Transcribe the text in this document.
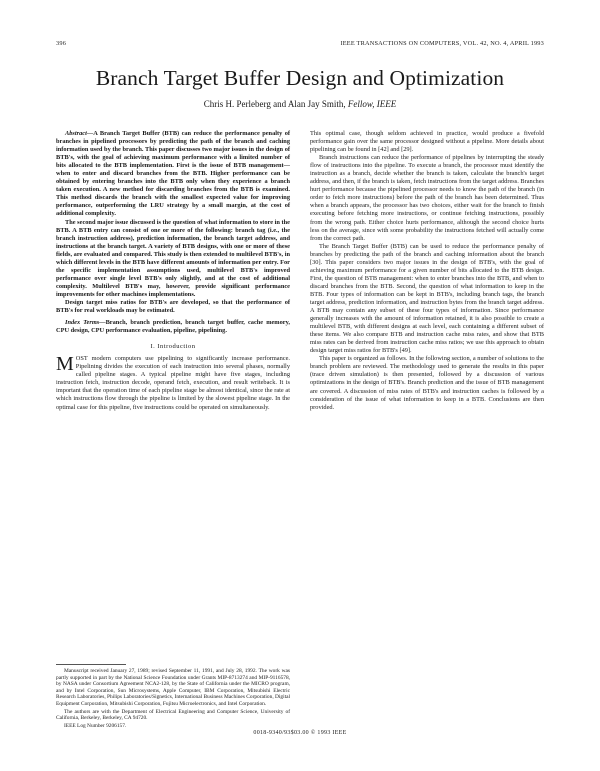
396	IEEE TRANSACTIONS ON COMPUTERS, VOL. 42, NO. 4, APRIL 1993
Branch Target Buffer Design and Optimization
Chris H. Perleberg and Alan Jay Smith, Fellow, IEEE

Abstract—A Branch Target Buffer (BTB) can reduce the performance penalty of branches in pipelined processors by predicting the path of the branch and caching information used by the branch. This paper discusses two major issues in the design of BTB's, with the goal of achieving maximum performance with a limited number of bits allocated to the BTB implementation. First is the issue of BTB management—when to enter and discard branches from the BTB. Higher performance can be obtained by entering branches into the BTB only when they experience a branch taken execution. A new method for discarding branches from the BTB is examined. This method discards the branch with the smallest expected value for improving performance, outperforming the LRU strategy by a small margin, at the cost of additional complexity.

The second major issue discussed is the question of what information to store in the BTB. A BTB entry can consist of one or more of the following: branch tag (i.e., the branch instruction address), prediction information, the branch target address, and instructions at the branch target. A variety of BTB designs, with one or more of these fields, are evaluated and compared. This study is then extended to multilevel BTB's, in which different levels in the BTB have different amounts of information per entry. For the specific implementation assumptions used, multilevel BTB's improved performance over single level BTB's only slightly, and at the cost of additional complexity. Multilevel BTB's may, however, provide significant performance improvements for other machines implementations.

Design target miss ratios for BTB's are developed, so that the performance of BTB's for real workloads may be estimated.

Index Terms—Branch, branch prediction, branch target buffer, cache memory, CPU design, CPU performance evaluation, pipeline, pipelining.

I. Introduction

MOST modern computers use pipelining to significantly increase performance. Pipelining divides the execution of each instruction into several phases, normally called pipeline stages. A typical pipeline might have five stages, including instruction fetch, instruction decode, operand fetch, execution, and result writeback. It is important that the operation time of each pipeline stage be almost identical, since the rate at which instructions flow through the pipeline is limited by the slowest pipeline stage. In the optimal case for this pipeline, five instructions could be operated on simultaneously.

Manuscript received January 27, 1989; revised September 11, 1991, and July 28, 1992. The work was partly supported in part by the National Science Foundation under Grants MIP-8713274 and MIP-9116578, by NASA under Consortium Agreement NCA2-128, by the State of California under the MICRO program, and by Intel Corporation, Sun Microsystems, Apple Computer, IBM Corporation, Mitsubishi Electric Research Laboratories, Philips Laboratories/Signetics, International Business Machines Corporation, Digital Equipment Corporation, Mitsubishi Corporation, Fujitsu Microelectronics, and Intel Corporation.

The authors are with the Department of Electrical Engineering and Computer Science, University of California, Berkeley, Berkeley, CA 94720.

IEEE Log Number 9206157.

This optimal case, though seldom achieved in practice, would produce a fivefold performance gain over the same processor designed without a pipeline. More details about pipelining can be found in [42] and [29].

Branch instructions can reduce the performance of pipelines by interrupting the steady flow of instructions into the pipeline. To execute a branch, the processor must identify the instruction as a branch, decide whether the branch is taken, calculate the branch's target address, and then, if the branch is taken, fetch instructions from the target address. Branches hurt performance because the pipelined processor needs to know the path of the branch (in order to fetch more instructions) before the path of the branch has been determined. Thus when a branch appears, the processor has two choices, either wait for the branch to finish executing before fetching more instructions, or continue fetching instructions, possibly from the wrong path. Either choice hurts performance, although the second choice hurts less on the average, since with some probability the instructions fetched will actually come from the correct path.

The Branch Target Buffer (BTB) can be used to reduce the performance penalty of branches by predicting the path of the branch and caching information about the branch [30]. This paper considers two major issues in the design of BTB's, with the goal of achieving maximum performance for a given number of bits allocated to the BTB design. First, the question of BTB management: when to enter branches into the BTB, and when to discard branches from the BTB. Second, the question of what information to keep in the BTB. Four types of information can be kept in BTB's, including branch tags, the branch target address, prediction information, and instruction bytes from the branch target address. A BTB may contain any subset of these four types of information. Since performance generally increases with the amount of information retained, it is also possible to create a multilevel BTB, with different designs at each level, each containing a different subset of these items. We also compare BTB and instruction cache miss rates, and show that BTB miss rates can be derived from instruction cache miss ratios; we use this approach to obtain design target miss ratios for BTB's [49].

This paper is organized as follows. In the following section, a number of solutions to the branch problem are reviewed. The methodology used to generate the results in this paper (trace driven simulation) is then presented, followed by a discussion of various optimizations in the design of BTB's. Branch prediction and the issue of BTB management are covered. A discussion of miss rates of BTB's and instruction caches is followed by a consideration of the issue of what information to keep in a BTB. Conclusions are then provided.

0018-9340/93$03.00 © 1993 IEEE
